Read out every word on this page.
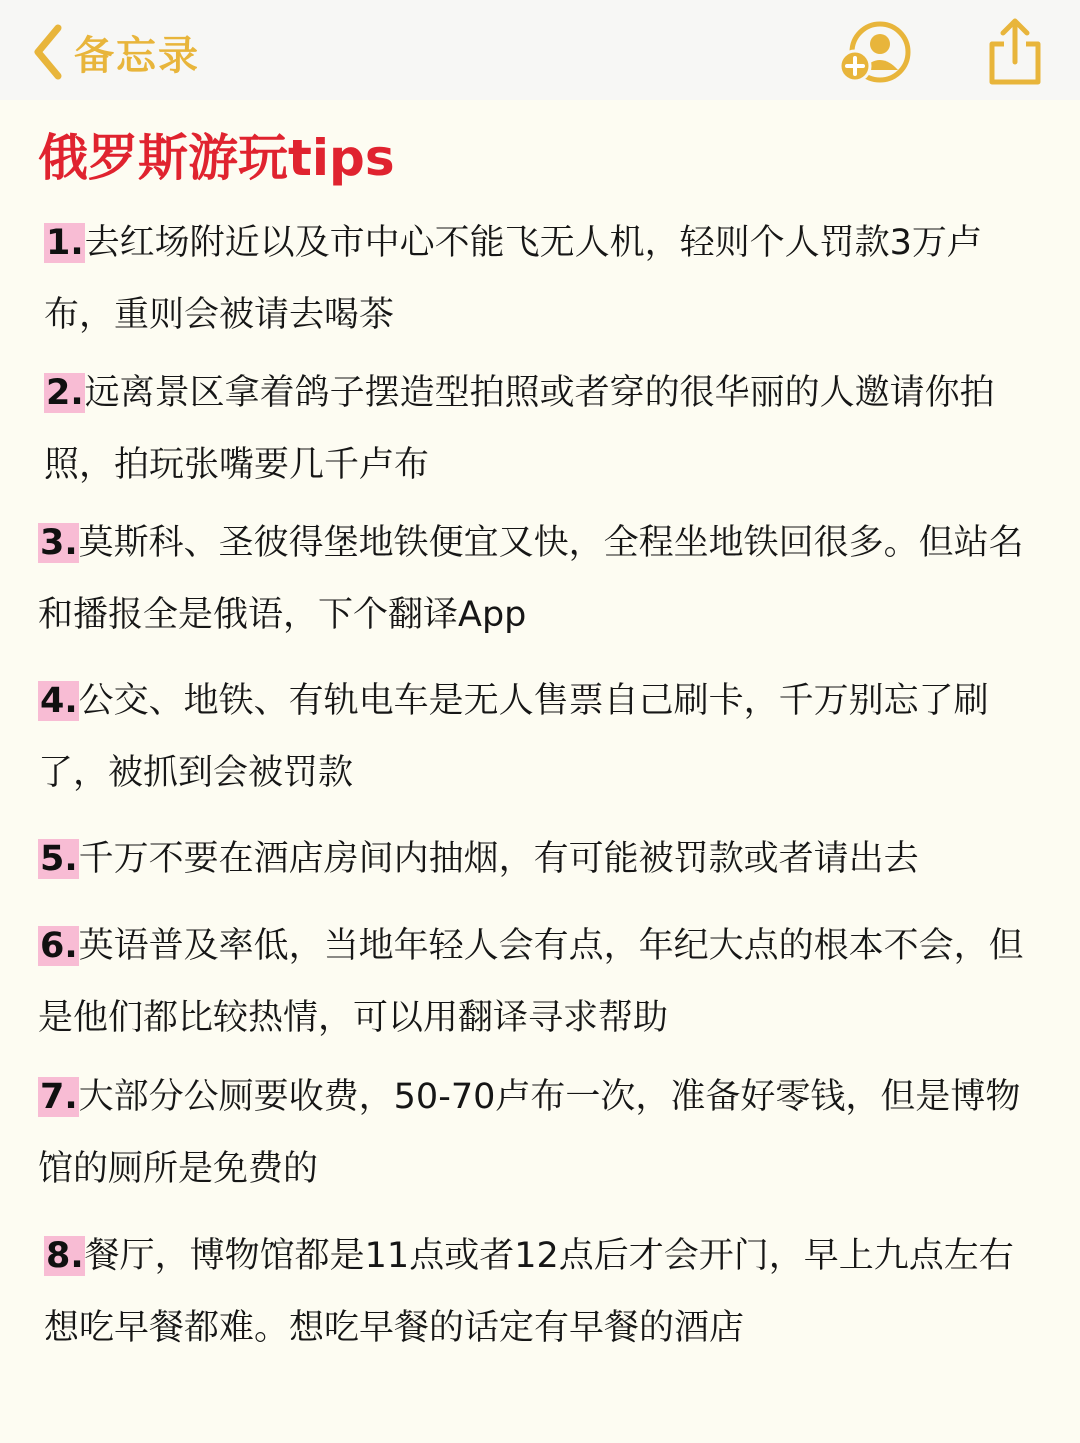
备忘录
俄罗斯游玩tips

1.去红场附近以及市中心不能飞无人机，轻则个人罚款3万卢布，重则会被请去喝茶

2.远离景区拿着鸽子摆造型拍照或者穿的很华丽的人邀请你拍照，拍玩张嘴要几千卢布

3.莫斯科、圣彼得堡地铁便宜又快，全程坐地铁回很多。但站名和播报全是俄语，下个翻译App

4.公交、地铁、有轨电车是无人售票自己刷卡，千万别忘了刷了，被抓到会被罚款

5.千万不要在酒店房间内抽烟，有可能被罚款或者请出去

6.英语普及率低，当地年轻人会有点，年纪大点的根本不会，但是他们都比较热情，可以用翻译寻求帮助

7.大部分公厕要收费，50-70卢布一次，准备好零钱，但是博物馆的厕所是免费的

8.餐厅，博物馆都是11点或者12点后才会开门，早上九点左右想吃早餐都难。想吃早餐的话定有早餐的酒店
